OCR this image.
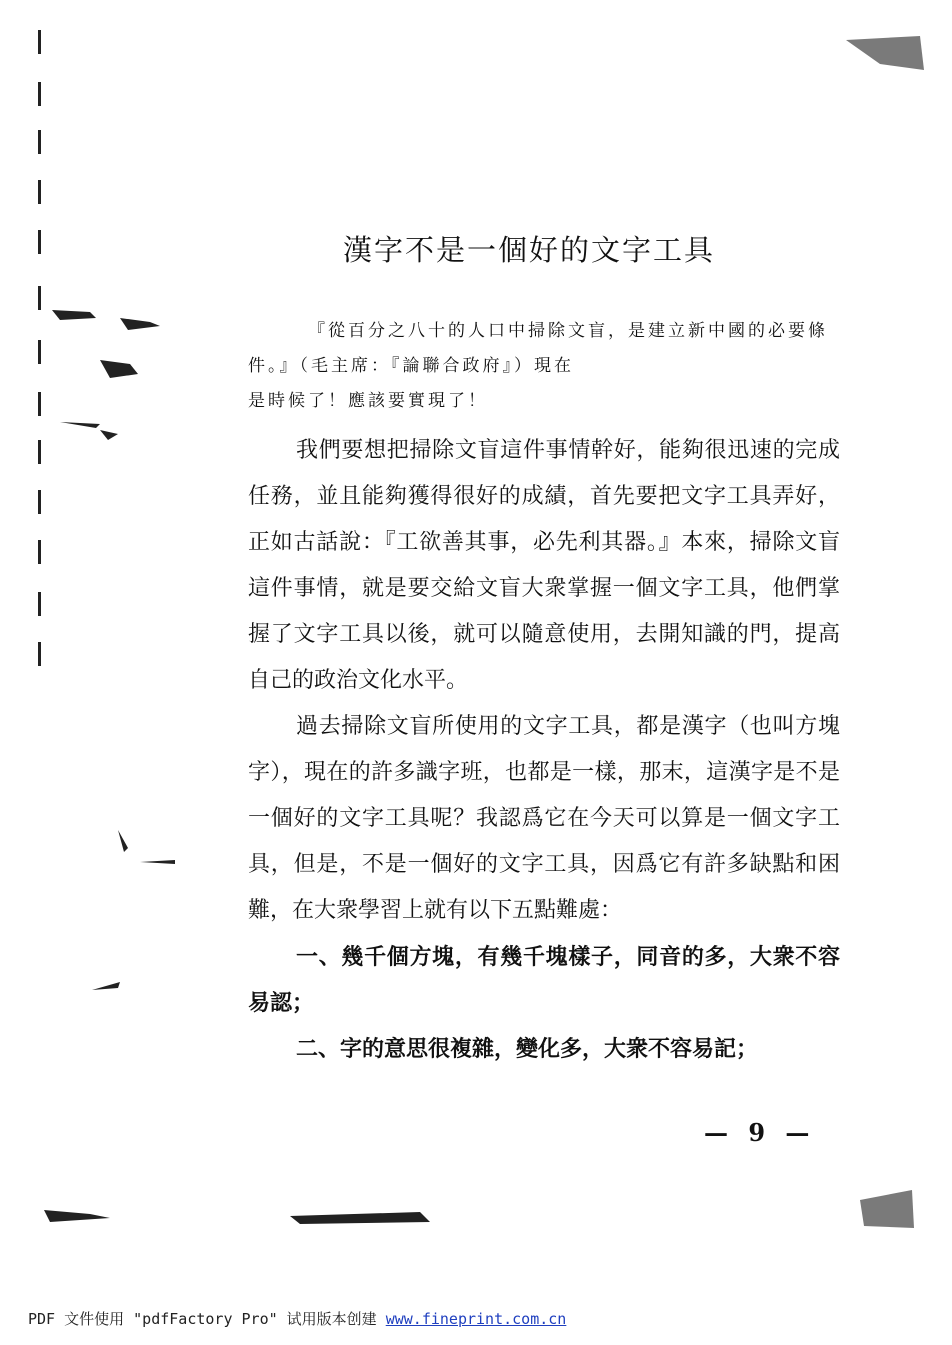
漢字不是一個好的文字工具

『從百分之八十的人口中掃除文盲，是建立新中國的必要條件。』（毛主席：『論聯合政府』）現在

是時候了！應該要實現了！

我們要想把掃除文盲這件事情幹好，能夠很迅速的完成任務，並且能夠獲得很好的成績，首先要把文字工具弄好，正如古話說：『工欲善其事，必先利其器。』本來，掃除文盲這件事情，就是要交給文盲大衆掌握一個文字工具，他們掌握了文字工具以後，就可以隨意使用，去開知識的門，提高自己的政治文化水平。

過去掃除文盲所使用的文字工具，都是漢字（也叫方塊字），現在的許多識字班，也都是一樣，那末，這漢字是不是一個好的文字工具呢？我認爲它在今天可以算是一個文字工具，但是，不是一個好的文字工具，因爲它有許多缺點和困難，在大衆學習上就有以下五點難處：

一、幾千個方塊，有幾千塊樣子，同音的多，大衆不容易認；

二、字的意思很複雜，變化多，大衆不容易記；

— 9 —
PDF 文件使用 "pdfFactory Pro" 试用版本创建 www.fineprint.com.cn
